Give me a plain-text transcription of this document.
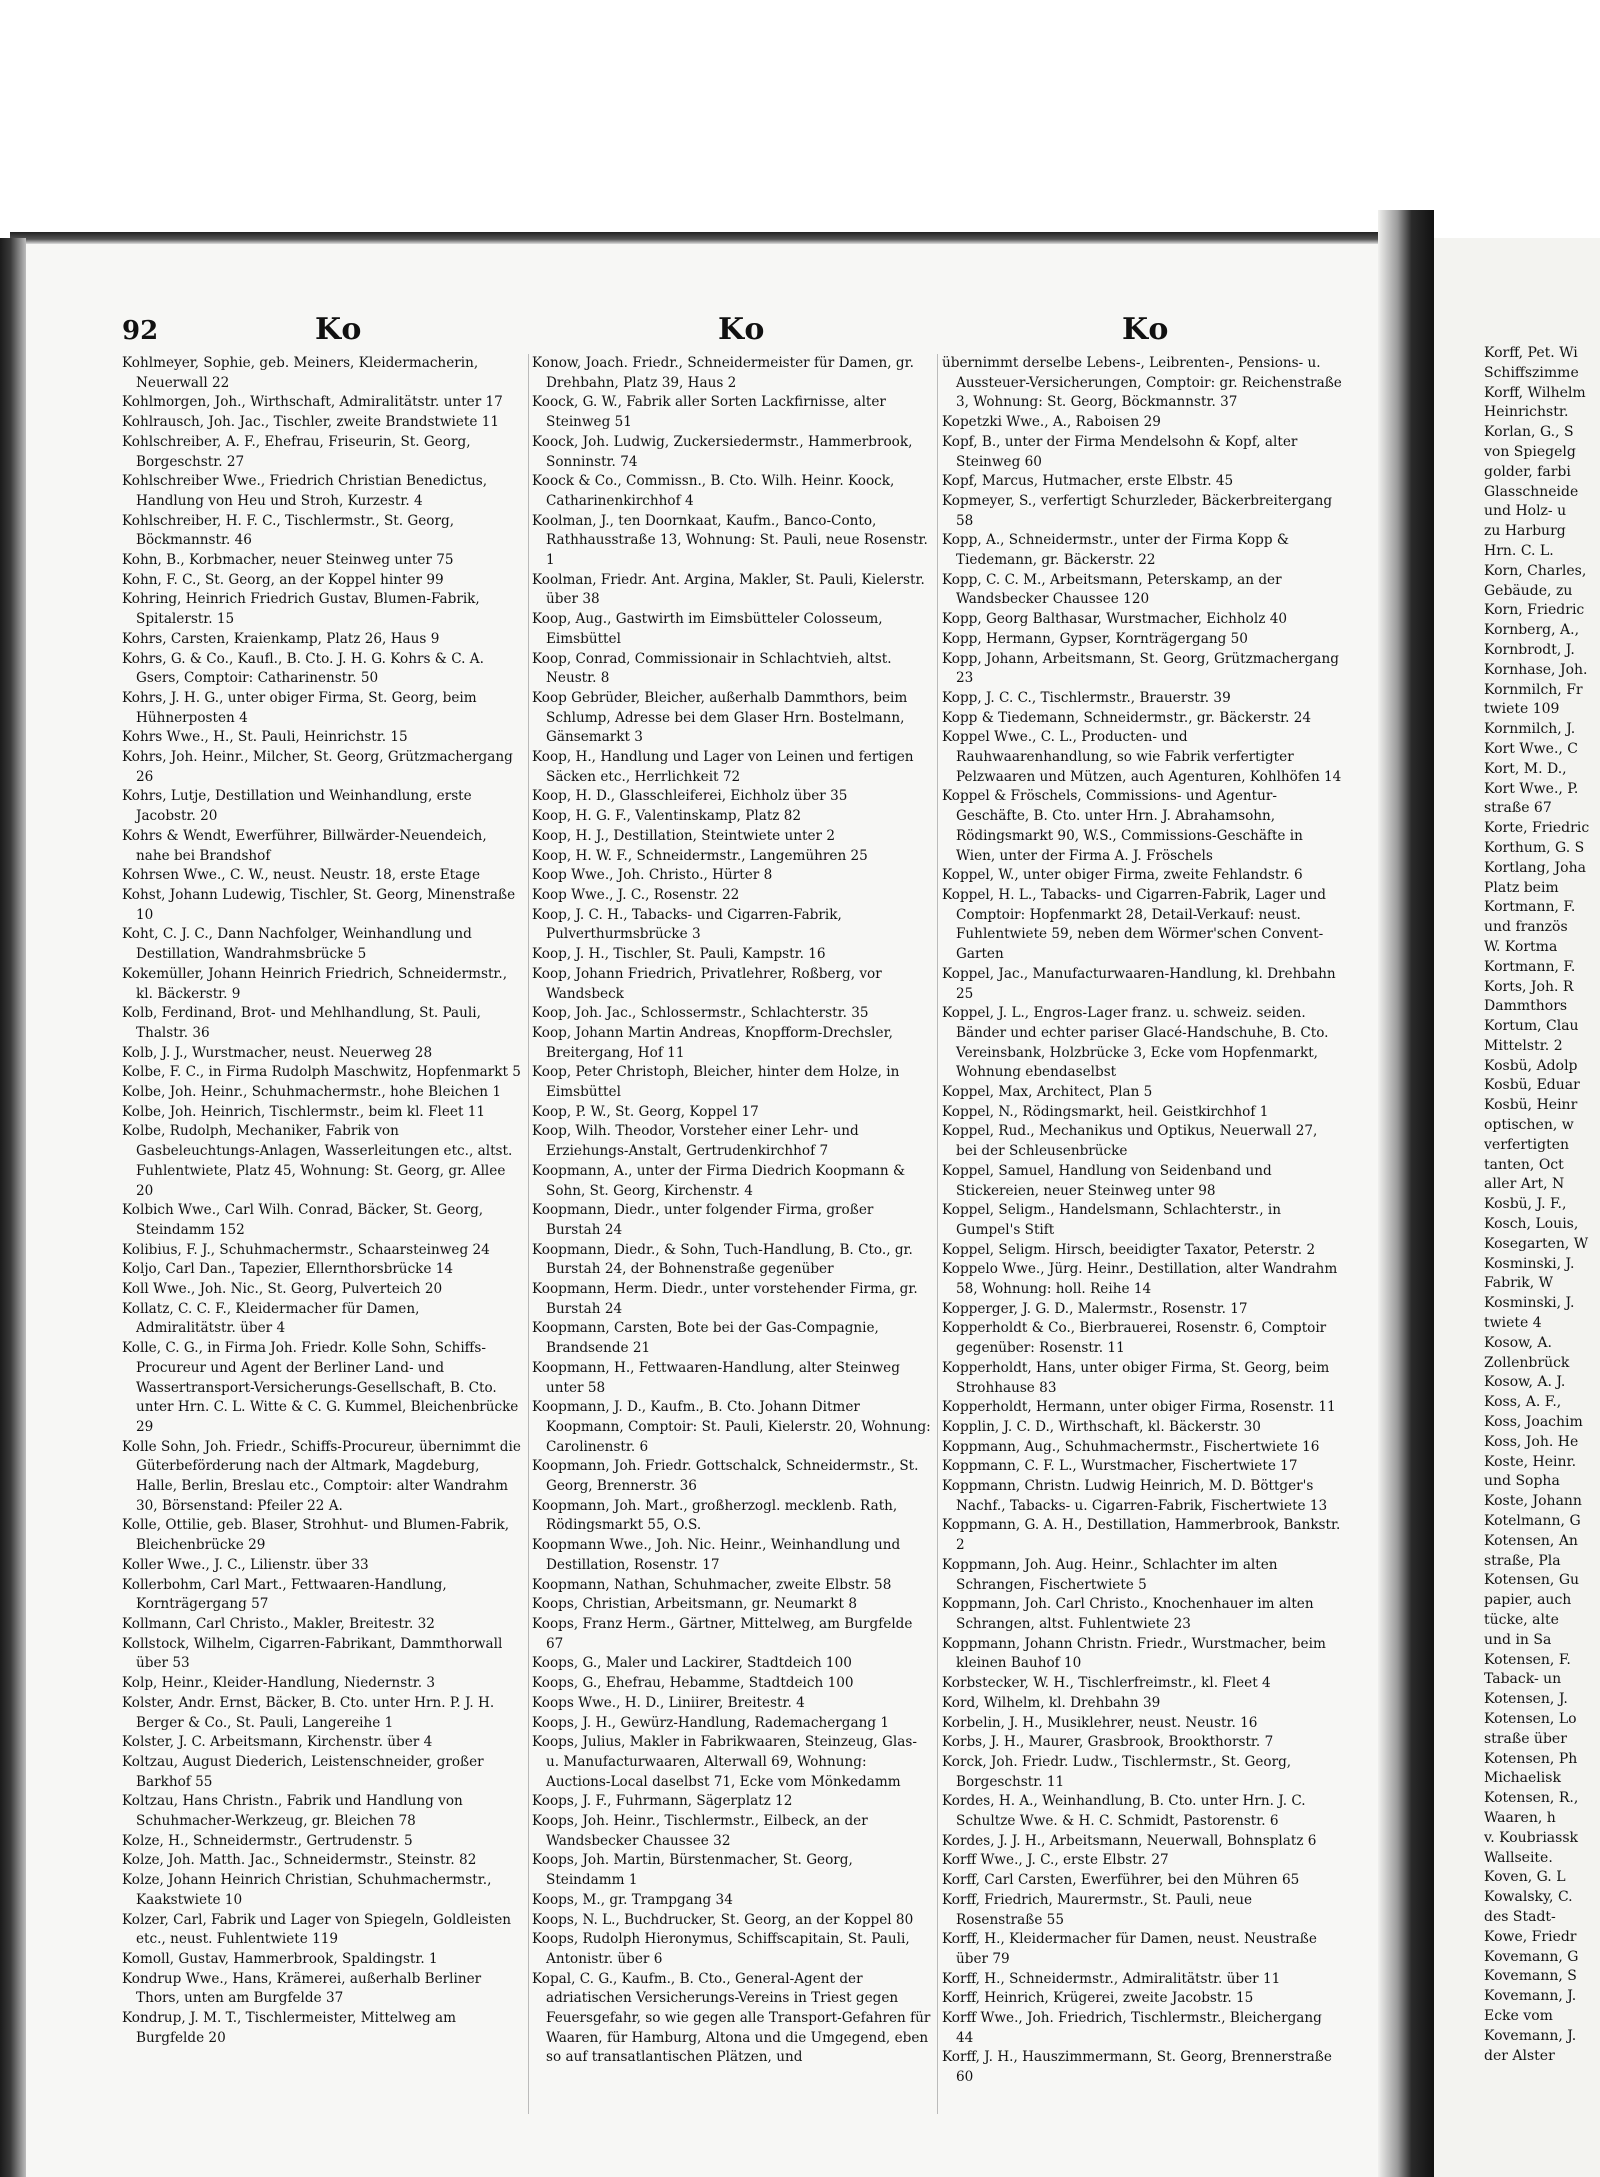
92	Ko	Ko	Ko

Kohlmeyer, Sophie, geb. Meiners, Kleidermacherin, Neuerwall 22

Kohlmorgen, Joh., Wirthschaft, Admiralitätstr. unter 17

Kohlrausch, Joh. Jac., Tischler, zweite Brandstwiete 11

Kohlschreiber, A. F., Ehefrau, Friseurin, St. Georg, Borgeschstr. 27

Kohlschreiber Wwe., Friedrich Christian Benedictus, Handlung von Heu und Stroh, Kurzestr. 4

Kohlschreiber, H. F. C., Tischlermstr., St. Georg, Böckmannstr. 46

Kohn, B., Korbmacher, neuer Steinweg unter 75

Kohn, F. C., St. Georg, an der Koppel hinter 99

Kohring, Heinrich Friedrich Gustav, Blumen-Fabrik, Spitalerstr. 15

Kohrs, Carsten, Kraienkamp, Platz 26, Haus 9

Kohrs, G. & Co., Kaufl., B. Cto. J. H. G. Kohrs & C. A. Gsers, Comptoir: Catharinenstr. 50

Kohrs, J. H. G., unter obiger Firma, St. Georg, beim Hühnerposten 4

Kohrs Wwe., H., St. Pauli, Heinrichstr. 15

Kohrs, Joh. Heinr., Milcher, St. Georg, Grützmachergang 26

Kohrs, Lutje, Destillation und Weinhandlung, erste Jacobstr. 20

Kohrs & Wendt, Ewerführer, Billwärder-Neuendeich, nahe bei Brandshof

Kohrsen Wwe., C. W., neust. Neustr. 18, erste Etage

Kohst, Johann Ludewig, Tischler, St. Georg, Minenstraße 10

Koht, C. J. C., Dann Nachfolger, Weinhandlung und Destillation, Wandrahmsbrücke 5

Kokemüller, Johann Heinrich Friedrich, Schneidermstr., kl. Bäckerstr. 9

Kolb, Ferdinand, Brot- und Mehlhandlung, St. Pauli, Thalstr. 36

Kolb, J. J., Wurstmacher, neust. Neuerweg 28

Kolbe, F. C., in Firma Rudolph Maschwitz, Hopfenmarkt 5

Kolbe, Joh. Heinr., Schuhmachermstr., hohe Bleichen 1

Kolbe, Joh. Heinrich, Tischlermstr., beim kl. Fleet 11

Kolbe, Rudolph, Mechaniker, Fabrik von Gasbeleuchtungs-Anlagen, Wasserleitungen etc., altst. Fuhlentwiete, Platz 45, Wohnung: St. Georg, gr. Allee 20

Kolbich Wwe., Carl Wilh. Conrad, Bäcker, St. Georg, Steindamm 152

Kolibius, F. J., Schuhmachermstr., Schaarsteinweg 24

Koljo, Carl Dan., Tapezier, Ellernthorsbrücke 14

Koll Wwe., Joh. Nic., St. Georg, Pulverteich 20

Kollatz, C. C. F., Kleidermacher für Damen, Admiralitätstr. über 4

Kolle, C. G., in Firma Joh. Friedr. Kolle Sohn, Schiffs-Procureur und Agent der Berliner Land- und Wassertransport-Versicherungs-Gesellschaft, B. Cto. unter Hrn. C. L. Witte & C. G. Kummel, Bleichenbrücke 29

Kolle Sohn, Joh. Friedr., Schiffs-Procureur, übernimmt die Güterbeförderung nach der Altmark, Magdeburg, Halle, Berlin, Breslau etc., Comptoir: alter Wandrahm 30, Börsenstand: Pfeiler 22 A.

Kolle, Ottilie, geb. Blaser, Strohhut- und Blumen-Fabrik, Bleichenbrücke 29

Koller Wwe., J. C., Lilienstr. über 33

Kollerbohm, Carl Mart., Fettwaaren-Handlung, Kornträgergang 57

Kollmann, Carl Christo., Makler, Breitestr. 32

Kollstock, Wilhelm, Cigarren-Fabrikant, Dammthorwall über 53

Kolp, Heinr., Kleider-Handlung, Niedernstr. 3

Kolster, Andr. Ernst, Bäcker, B. Cto. unter Hrn. P. J. H. Berger & Co., St. Pauli, Langereihe 1

Kolster, J. C. Arbeitsmann, Kirchenstr. über 4

Koltzau, August Diederich, Leistenschneider, großer Barkhof 55

Koltzau, Hans Christn., Fabrik und Handlung von Schuhmacher-Werkzeug, gr. Bleichen 78

Kolze, H., Schneidermstr., Gertrudenstr. 5

Kolze, Joh. Matth. Jac., Schneidermstr., Steinstr. 82

Kolze, Johann Heinrich Christian, Schuhmachermstr., Kaakstwiete 10

Kolzer, Carl, Fabrik und Lager von Spiegeln, Goldleisten etc., neust. Fuhlentwiete 119

Komoll, Gustav, Hammerbrook, Spaldingstr. 1

Kondrup Wwe., Hans, Krämerei, außerhalb Berliner Thors, unten am Burgfelde 37

Kondrup, J. M. T., Tischlermeister, Mittelweg am Burgfelde 20

Konow, Joach. Friedr., Schneidermeister für Damen, gr. Drehbahn, Platz 39, Haus 2

Koock, G. W., Fabrik aller Sorten Lackfirnisse, alter Steinweg 51

Koock, Joh. Ludwig, Zuckersiedermstr., Hammerbrook, Sonninstr. 74

Koock & Co., Commissn., B. Cto. Wilh. Heinr. Koock, Catharinenkirchhof 4

Koolman, J., ten Doornkaat, Kaufm., Banco-Conto, Rathhausstraße 13, Wohnung: St. Pauli, neue Rosenstr. 1

Koolman, Friedr. Ant. Argina, Makler, St. Pauli, Kielerstr. über 38

Koop, Aug., Gastwirth im Eimsbütteler Colosseum, Eimsbüttel

Koop, Conrad, Commissionair in Schlachtvieh, altst. Neustr. 8

Koop Gebrüder, Bleicher, außerhalb Dammthors, beim Schlump, Adresse bei dem Glaser Hrn. Bostelmann, Gänsemarkt 3

Koop, H., Handlung und Lager von Leinen und fertigen Säcken etc., Herrlichkeit 72

Koop, H. D., Glasschleiferei, Eichholz über 35

Koop, H. G. F., Valentinskamp, Platz 82

Koop, H. J., Destillation, Steintwiete unter 2

Koop, H. W. F., Schneidermstr., Langemühren 25

Koop Wwe., Joh. Christo., Hürter 8

Koop Wwe., J. C., Rosenstr. 22

Koop, J. C. H., Tabacks- und Cigarren-Fabrik, Pulverthurmsbrücke 3

Koop, J. H., Tischler, St. Pauli, Kampstr. 16

Koop, Johann Friedrich, Privatlehrer, Roßberg, vor Wandsbeck

Koop, Joh. Jac., Schlossermstr., Schlachterstr. 35

Koop, Johann Martin Andreas, Knopfform-Drechsler, Breitergang, Hof 11

Koop, Peter Christoph, Bleicher, hinter dem Holze, in Eimsbüttel

Koop, P. W., St. Georg, Koppel 17

Koop, Wilh. Theodor, Vorsteher einer Lehr- und Erziehungs-Anstalt, Gertrudenkirchhof 7

Koopmann, A., unter der Firma Diedrich Koopmann & Sohn, St. Georg, Kirchenstr. 4

Koopmann, Diedr., unter folgender Firma, großer Burstah 24

Koopmann, Diedr., & Sohn, Tuch-Handlung, B. Cto., gr. Burstah 24, der Bohnenstraße gegenüber

Koopmann, Herm. Diedr., unter vorstehender Firma, gr. Burstah 24

Koopmann, Carsten, Bote bei der Gas-Compagnie, Brandsende 21

Koopmann, H., Fettwaaren-Handlung, alter Steinweg unter 58

Koopmann, J. D., Kaufm., B. Cto. Johann Ditmer Koopmann, Comptoir: St. Pauli, Kielerstr. 20, Wohnung: Carolinenstr. 6

Koopmann, Joh. Friedr. Gottschalck, Schneidermstr., St. Georg, Brennerstr. 36

Koopmann, Joh. Mart., großherzogl. mecklenb. Rath, Rödingsmarkt 55, O.S.

Koopmann Wwe., Joh. Nic. Heinr., Weinhandlung und Destillation, Rosenstr. 17

Koopmann, Nathan, Schuhmacher, zweite Elbstr. 58

Koops, Christian, Arbeitsmann, gr. Neumarkt 8

Koops, Franz Herm., Gärtner, Mittelweg, am Burgfelde 67

Koops, G., Maler und Lackirer, Stadtdeich 100

Koops, G., Ehefrau, Hebamme, Stadtdeich 100

Koops Wwe., H. D., Liniirer, Breitestr. 4

Koops, J. H., Gewürz-Handlung, Rademachergang 1

Koops, Julius, Makler in Fabrikwaaren, Steinzeug, Glas- u. Manufacturwaaren, Alterwall 69, Wohnung: Auctions-Local daselbst 71, Ecke vom Mönkedamm

Koops, J. F., Fuhrmann, Sägerplatz 12

Koops, Joh. Heinr., Tischlermstr., Eilbeck, an der Wandsbecker Chaussee 32

Koops, Joh. Martin, Bürstenmacher, St. Georg, Steindamm 1

Koops, M., gr. Trampgang 34

Koops, N. L., Buchdrucker, St. Georg, an der Koppel 80

Koops, Rudolph Hieronymus, Schiffscapitain, St. Pauli, Antonistr. über 6

Kopal, C. G., Kaufm., B. Cto., General-Agent der adriatischen Versicherungs-Vereins in Triest gegen Feuersgefahr, so wie gegen alle Transport-Gefahren für Waaren, für Hamburg, Altona und die Umgegend, eben so auf transatlantischen Plätzen, und

übernimmt derselbe Lebens-, Leibrenten-, Pensions- u. Aussteuer-Versicherungen, Comptoir: gr. Reichenstraße 3, Wohnung: St. Georg, Böckmannstr. 37

Kopetzki Wwe., A., Raboisen 29

Kopf, B., unter der Firma Mendelsohn & Kopf, alter Steinweg 60

Kopf, Marcus, Hutmacher, erste Elbstr. 45

Kopmeyer, S., verfertigt Schurzleder, Bäckerbreitergang 58

Kopp, A., Schneidermstr., unter der Firma Kopp & Tiedemann, gr. Bäckerstr. 22

Kopp, C. C. M., Arbeitsmann, Peterskamp, an der Wandsbecker Chaussee 120

Kopp, Georg Balthasar, Wurstmacher, Eichholz 40

Kopp, Hermann, Gypser, Kornträgergang 50

Kopp, Johann, Arbeitsmann, St. Georg, Grützmachergang 23

Kopp, J. C. C., Tischlermstr., Brauerstr. 39

Kopp & Tiedemann, Schneidermstr., gr. Bäckerstr. 24

Koppel Wwe., C. L., Producten- und Rauhwaarenhandlung, so wie Fabrik verfertigter Pelzwaaren und Mützen, auch Agenturen, Kohlhöfen 14

Koppel & Fröschels, Commissions- und Agentur-Geschäfte, B. Cto. unter Hrn. J. Abrahamsohn, Rödingsmarkt 90, W.S., Commissions-Geschäfte in Wien, unter der Firma A. J. Fröschels

Koppel, W., unter obiger Firma, zweite Fehlandstr. 6

Koppel, H. L., Tabacks- und Cigarren-Fabrik, Lager und Comptoir: Hopfenmarkt 28, Detail-Verkauf: neust. Fuhlentwiete 59, neben dem Wörmer'schen Convent-Garten

Koppel, Jac., Manufacturwaaren-Handlung, kl. Drehbahn 25

Koppel, J. L., Engros-Lager franz. u. schweiz. seiden. Bänder und echter pariser Glacé-Handschuhe, B. Cto. Vereinsbank, Holzbrücke 3, Ecke vom Hopfenmarkt, Wohnung ebendaselbst

Koppel, Max, Architect, Plan 5

Koppel, N., Rödingsmarkt, heil. Geistkirchhof 1

Koppel, Rud., Mechanikus und Optikus, Neuerwall 27, bei der Schleusenbrücke

Koppel, Samuel, Handlung von Seidenband und Stickereien, neuer Steinweg unter 98

Koppel, Seligm., Handelsmann, Schlachterstr., in Gumpel's Stift

Koppel, Seligm. Hirsch, beeidigter Taxator, Peterstr. 2

Koppelo Wwe., Jürg. Heinr., Destillation, alter Wandrahm 58, Wohnung: holl. Reihe 14

Kopperger, J. G. D., Malermstr., Rosenstr. 17

Kopperholdt & Co., Bierbrauerei, Rosenstr. 6, Comptoir gegenüber: Rosenstr. 11

Kopperholdt, Hans, unter obiger Firma, St. Georg, beim Strohhause 83

Kopperholdt, Hermann, unter obiger Firma, Rosenstr. 11

Kopplin, J. C. D., Wirthschaft, kl. Bäckerstr. 30

Koppmann, Aug., Schuhmachermstr., Fischertwiete 16

Koppmann, C. F. L., Wurstmacher, Fischertwiete 17

Koppmann, Christn. Ludwig Heinrich, M. D. Böttger's Nachf., Tabacks- u. Cigarren-Fabrik, Fischertwiete 13

Koppmann, G. A. H., Destillation, Hammerbrook, Bankstr. 2

Koppmann, Joh. Aug. Heinr., Schlachter im alten Schrangen, Fischertwiete 5

Koppmann, Joh. Carl Christo., Knochenhauer im alten Schrangen, altst. Fuhlentwiete 23

Koppmann, Johann Christn. Friedr., Wurstmacher, beim kleinen Bauhof 10

Korbstecker, W. H., Tischlerfreimstr., kl. Fleet 4

Kord, Wilhelm, kl. Drehbahn 39

Korbelin, J. H., Musiklehrer, neust. Neustr. 16

Korbs, J. H., Maurer, Grasbrook, Brookthorstr. 7

Korck, Joh. Friedr. Ludw., Tischlermstr., St. Georg, Borgeschstr. 11

Kordes, H. A., Weinhandlung, B. Cto. unter Hrn. J. C. Schultze Wwe. & H. C. Schmidt, Pastorenstr. 6

Kordes, J. J. H., Arbeitsmann, Neuerwall, Bohnsplatz 6

Korff Wwe., J. C., erste Elbstr. 27

Korff, Carl Carsten, Ewerführer, bei den Mühren 65

Korff, Friedrich, Maurermstr., St. Pauli, neue Rosenstraße 55

Korff, H., Kleidermacher für Damen, neust. Neustraße über 79

Korff, H., Schneidermstr., Admiralitätstr. über 11

Korff, Heinrich, Krügerei, zweite Jacobstr. 15

Korff Wwe., Joh. Friedrich, Tischlermstr., Bleichergang 44

Korff, J. H., Hauszimmermann, St. Georg, Brennerstraße 60

Korff, Pet. Wi

Schiffszimme

Korff, Wilhelm

Heinrichstr.

Korlan, G., S

von Spiegelg

golder, farbi

Glasschneide

und Holz- u

zu Harburg

Hrn. C. L.

Korn, Charles,

Gebäude, zu

Korn, Friedric

Kornberg, A.,

Kornbrodt, J.

Kornhase, Joh.

Kornmilch, Fr

twiete 109

Kornmilch, J.

Kort Wwe., C

Kort, M. D.,

Kort Wwe., P.

straße 67

Korte, Friedric

Korthum, G. S

Kortlang, Joha

Platz beim

Kortmann, F.

und französ

W. Kortma

Kortmann, F.

Korts, Joh. R

Dammthors

Kortum, Clau

Mittelstr. 2

Kosbü, Adolp

Kosbü, Eduar

Kosbü, Heinr

optischen, w

verfertigten

tanten, Oct

aller Art, N

Kosbü, J. F.,

Kosch, Louis,

Kosegarten, W

Kosminski, J.

Fabrik, W

Kosminski, J.

twiete 4

Kosow, A.

Zollenbrück

Kosow, A. J.

Koss, A. F.,

Koss, Joachim

Koss, Joh. He

Koste, Heinr.

und Sopha

Koste, Johann

Kotelmann, G

Kotensen, An

straße, Pla

Kotensen, Gu

papier, auch

tücke, alte

und in Sa

Kotensen, F.

Taback- un

Kotensen, J.

Kotensen, Lo

straße über

Kotensen, Ph

Michaelisk

Kotensen, R.,

Waaren, h

v. Koubriassk

Wallseite.

Koven, G. L

Kowalsky, C.

des Stadt-

Kowe, Friedr

Kovemann, G

Kovemann, S

Kovemann, J.

Ecke vom

Kovemann, J.

der Alster
